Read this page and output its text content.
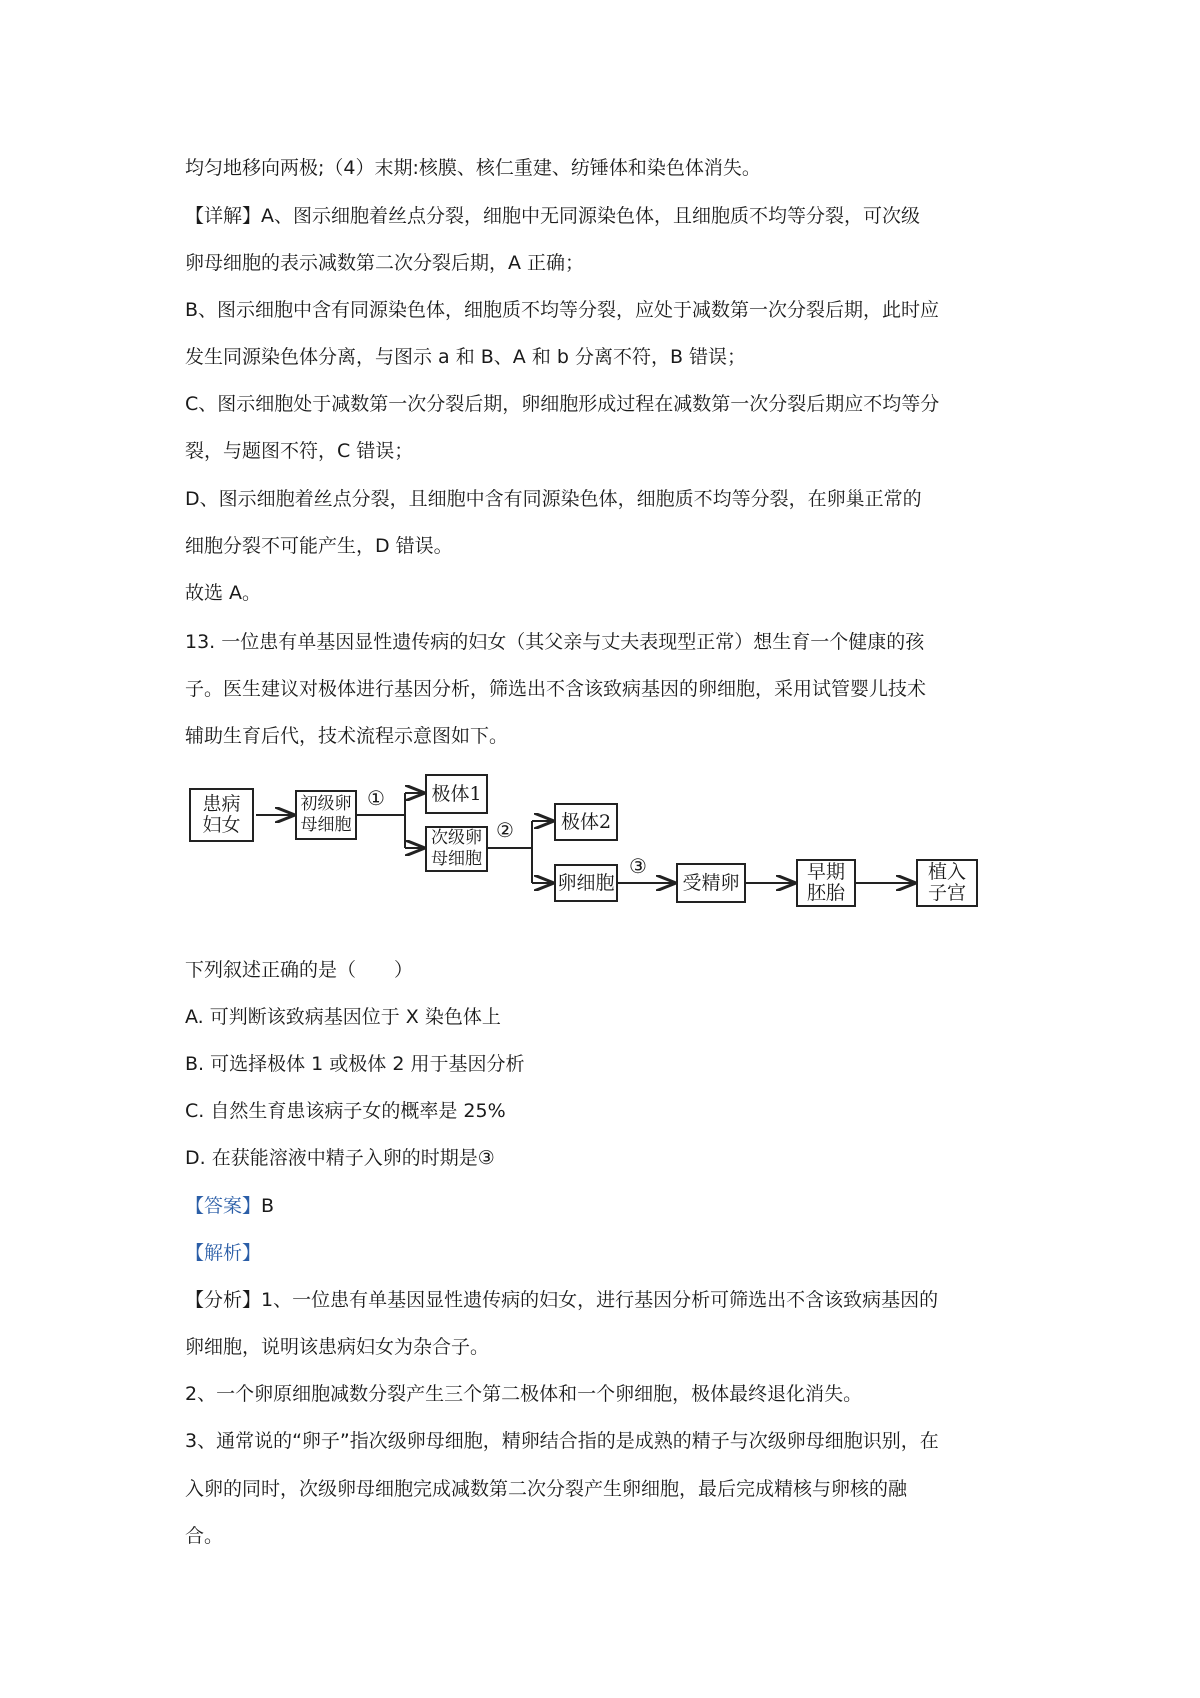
均匀地移向两极;（4）末期:核膜、核仁重建、纺锤体和染色体消失。
【详解】A、图示细胞着丝点分裂，细胞中无同源染色体，且细胞质不均等分裂，可次级
卵母细胞的表示减数第二次分裂后期，A 正确；
B、图示细胞中含有同源染色体，细胞质不均等分裂，应处于减数第一次分裂后期，此时应
发生同源染色体分离，与图示 a 和 B、A 和 b 分离不符，B 错误；
C、图示细胞处于减数第一次分裂后期，卵细胞形成过程在减数第一次分裂后期应不均等分
裂，与题图不符，C 错误；
D、图示细胞着丝点分裂，且细胞中含有同源染色体，细胞质不均等分裂，在卵巢正常的
细胞分裂不可能产生，D 错误。
故选 A。
13. 一位患有单基因显性遗传病的妇女（其父亲与丈夫表现型正常）想生育一个健康的孩
子。医生建议对极体进行基因分析，筛选出不含该致病基因的卵细胞，采用试管婴儿技术
辅助生育后代，技术流程示意图如下。
患病
妇女
初级卵
母细胞
①	极体1
次级卵
母细胞
②	极体2
卵细胞
③
受精卵	早期
胚胎
植入
子宫
下列叙述正确的是（　　）
A. 可判断该致病基因位于 X 染色体上
B. 可选择极体 1 或极体 2 用于基因分析
C. 自然生育患该病子女的概率是 25%
D. 在获能溶液中精子入卵的时期是③
【答案】B
【解析】
【分析】1、一位患有单基因显性遗传病的妇女，进行基因分析可筛选出不含该致病基因的
卵细胞，说明该患病妇女为杂合子。
2、一个卵原细胞减数分裂产生三个第二极体和一个卵细胞，极体最终退化消失。
3、通常说的“卵子”指次级卵母细胞，精卵结合指的是成熟的精子与次级卵母细胞识别，在
入卵的同时，次级卵母细胞完成减数第二次分裂产生卵细胞，最后完成精核与卵核的融
合。
